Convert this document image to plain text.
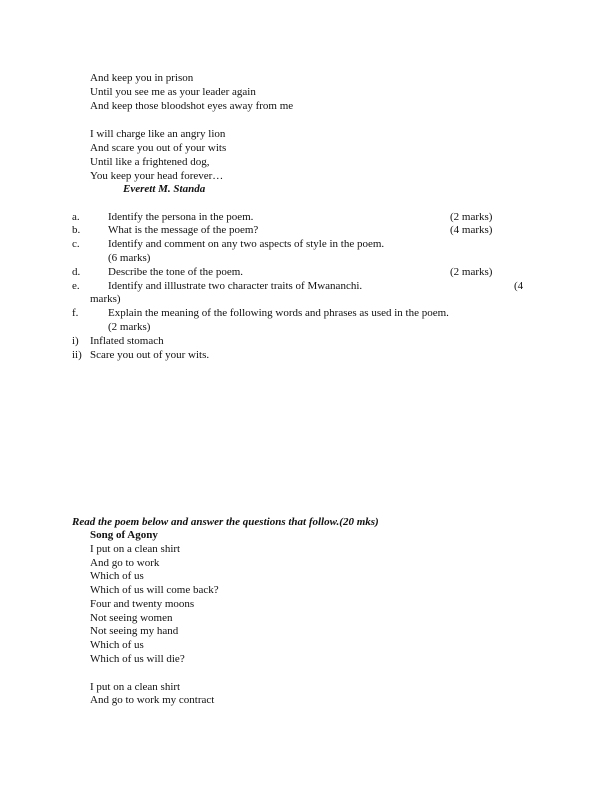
And keep you in prison
Until you see me as your leader again
And keep those bloodshot eyes away from me
I will charge like an angry lion
And scare you out of your wits
Until like a frightened dog,
You keep your head forever…
Everett M. Standa
a.	Identify the persona in the poem.	(2 marks)
b.	What is the message of the poem?	(4 marks)
c.	Identify and comment on any two aspects of style in the poem.
(6 marks)
d.	Describe the tone of the poem.	(2 marks)
e.	Identify and illlustrate two character traits of Mwananchi.	(4
marks)
f.	Explain the meaning of the following words and phrases as used in the poem.
(2 marks)
i) Inflated stomach
ii) Scare you out of your wits.
Read the poem below and answer the questions that follow.(20 mks)
Song of Agony
I put on a clean shirt
And go to work
Which of us
Which of us will come back?
Four and twenty moons
Not seeing women
Not seeing my hand
Which of us
Which of us will die?
I put on a clean shirt
And go to work my contract
